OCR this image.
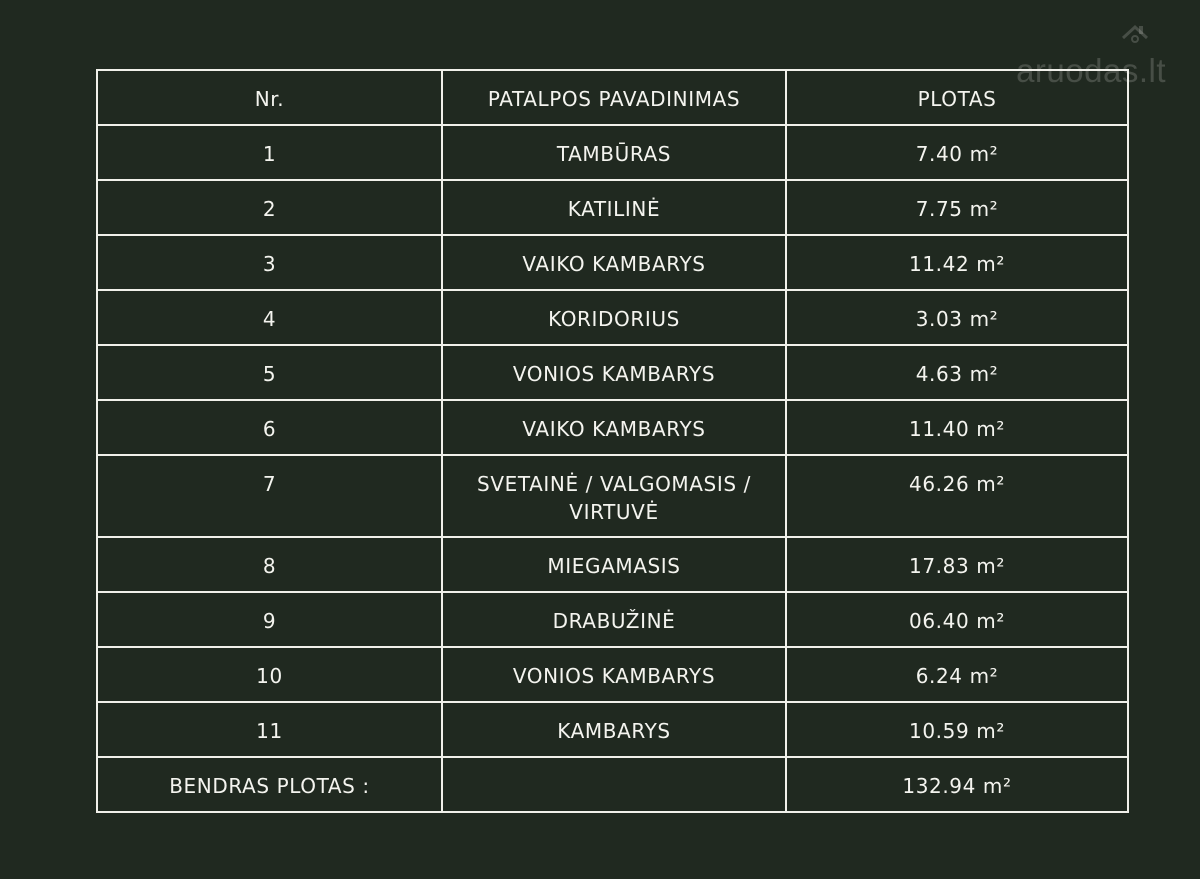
aruodas.lt
Nr.	PATALPOS PAVADINIMAS	PLOTAS
1	TAMBŪRAS	7.40 m²
2	KATILINĖ	7.75 m²
3	VAIKO KAMBARYS	11.42 m²
4	KORIDORIUS	3.03 m²
5	VONIOS KAMBARYS	4.63 m²
6	VAIKO KAMBARYS	11.40 m²
7	SVETAINĖ / VALGOMASIS / VIRTUVĖ	46.26 m²
8	MIEGAMASIS	17.83 m²
9	DRABUŽINĖ	06.40 m²
10	VONIOS KAMBARYS	6.24 m²
11	KAMBARYS	10.59 m²
BENDRAS PLOTAS :		132.94 m²
